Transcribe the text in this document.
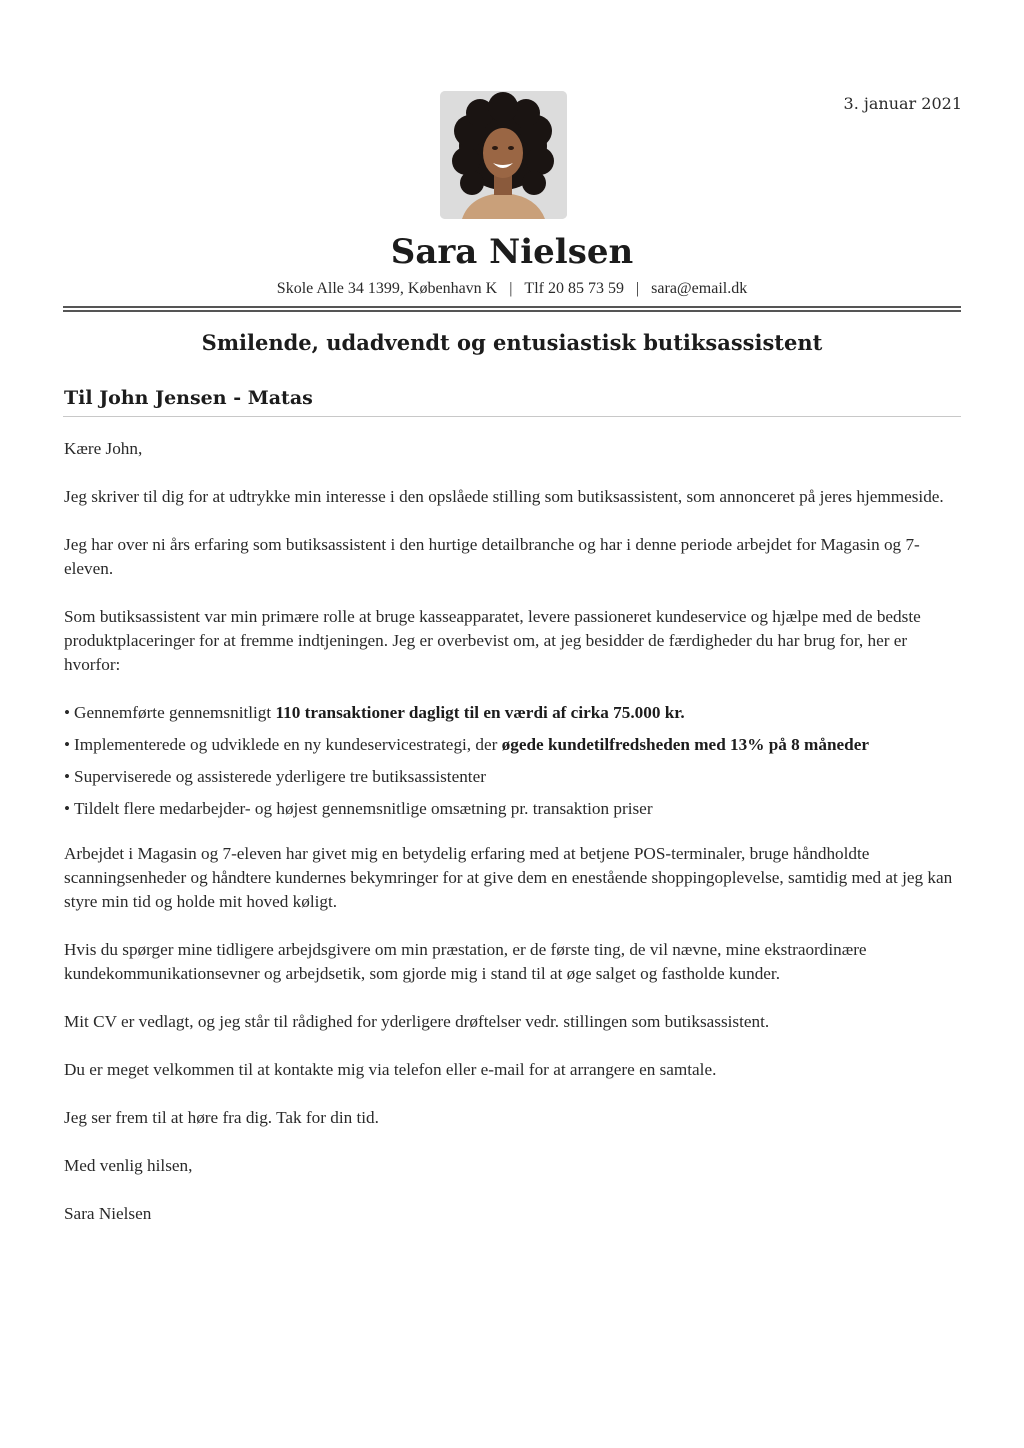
3. januar 2021
Sara Nielsen
Skole Alle 34 1399, København K | Tlf 20 85 73 59 | sara@email.dk
Smilende, udadvendt og entusiastisk butiksassistent
Til John Jensen - Matas

Kære John,

Jeg skriver til dig for at udtrykke min interesse i den opslåede stilling som butiksassistent, som annonceret på jeres hjemmeside.

Jeg har over ni års erfaring som butiksassistent i den hurtige detailbranche og har i denne periode arbejdet for Magasin og 7-eleven.

Som butiksassistent var min primære rolle at bruge kasseapparatet, levere passioneret kundeservice og hjælpe med de bedste produktplaceringer for at fremme indtjeningen. Jeg er overbevist om, at jeg besidder de færdigheder du har brug for, her er hvorfor:

• Gennemførte gennemsnitligt 110 transaktioner dagligt til en værdi af cirka 75.000 kr.
• Implementerede og udviklede en ny kundeservicestrategi, der øgede kundetilfredsheden med 13% på 8 måneder
• Superviserede og assisterede yderligere tre butiksassistenter
• Tildelt flere medarbejder- og højest gennemsnitlige omsætning pr. transaktion priser

Arbejdet i Magasin og 7-eleven har givet mig en betydelig erfaring med at betjene POS-terminaler, bruge håndholdte scanningsenheder og håndtere kundernes bekymringer for at give dem en enestående shoppingoplevelse, samtidig med at jeg kan styre min tid og holde mit hoved køligt.

Hvis du spørger mine tidligere arbejdsgivere om min præstation, er de første ting, de vil nævne, mine ekstraordinære kundekommunikationsevner og arbejdsetik, som gjorde mig i stand til at øge salget og fastholde kunder.

Mit CV er vedlagt, og jeg står til rådighed for yderligere drøftelser vedr. stillingen som butiksassistent.

Du er meget velkommen til at kontakte mig via telefon eller e-mail for at arrangere en samtale.

Jeg ser frem til at høre fra dig. Tak for din tid.

Med venlig hilsen,

Sara Nielsen
